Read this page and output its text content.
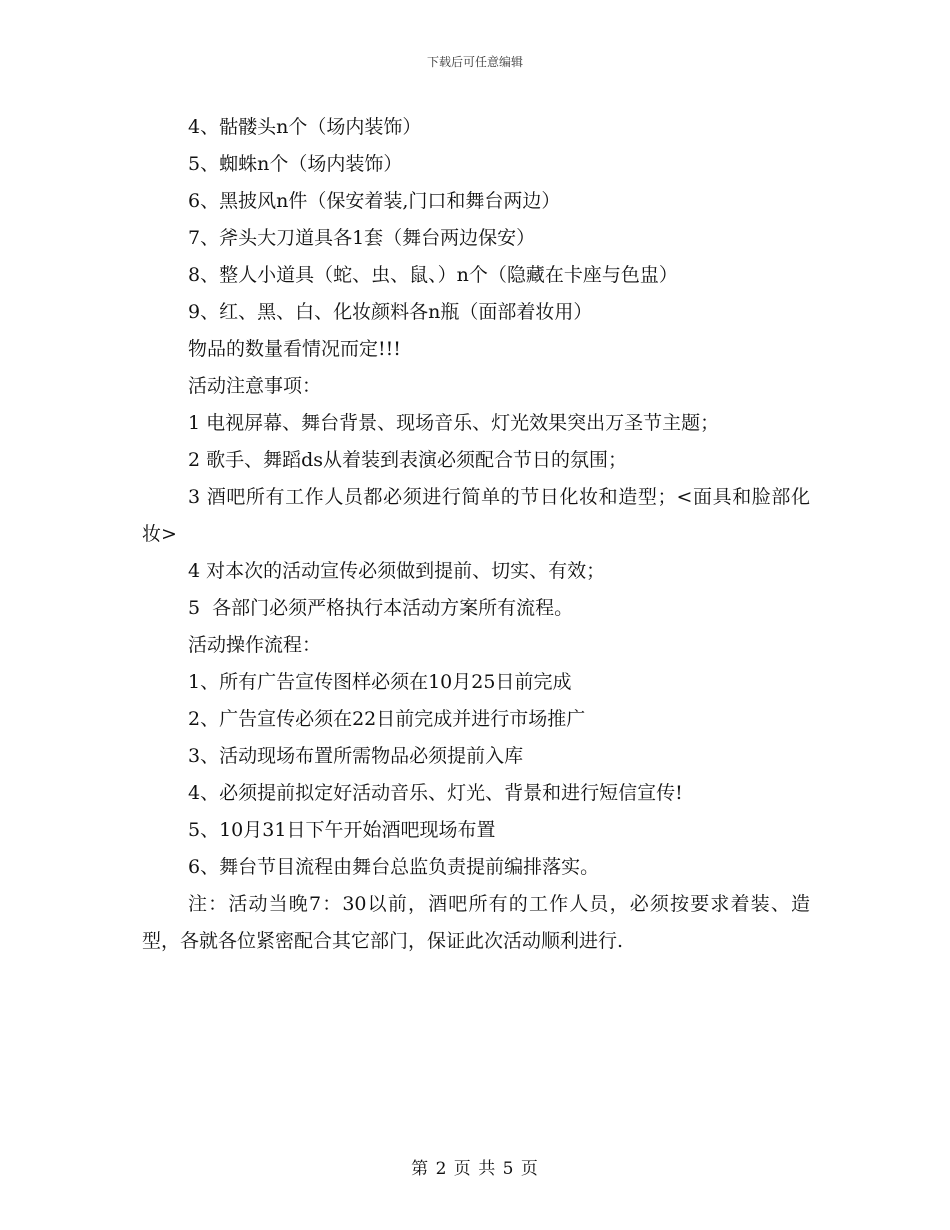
下载后可任意编辑
4、骷髅头n个（场内装饰）
5、蜘蛛n个（场内装饰）
6、黑披风n件（保安着装,门口和舞台两边）
7、斧头大刀道具各1套（舞台两边保安）
8、整人小道具（蛇、虫、鼠、）n个（隐藏在卡座与色盅）
9、红、黑、白、化妆颜料各n瓶（面部着妆用）
物品的数量看情况而定!!!
活动注意事项：
1 电视屏幕、舞台背景、现场音乐、灯光效果突出万圣节主题；
2 歌手、舞蹈ds从着装到表演必须配合节日的氛围；
3 酒吧所有工作人员都必须进行简单的节日化妆和造型；<面具和脸部化妆>
4 对本次的活动宣传必须做到提前、切实、有效；
5  各部门必须严格执行本活动方案所有流程。
活动操作流程：
1、所有广告宣传图样必须在10月25日前完成
2、广告宣传必须在22日前完成并进行市场推广
3、活动现场布置所需物品必须提前入库
4、必须提前拟定好活动音乐、灯光、背景和进行短信宣传!
5、10月31日下午开始酒吧现场布置
6、舞台节目流程由舞台总监负责提前编排落实。
注：活动当晚7：30以前，酒吧所有的工作人员，必须按要求着装、造型，各就各位紧密配合其它部门，保证此次活动顺利进行.
第 2 页 共 5 页
